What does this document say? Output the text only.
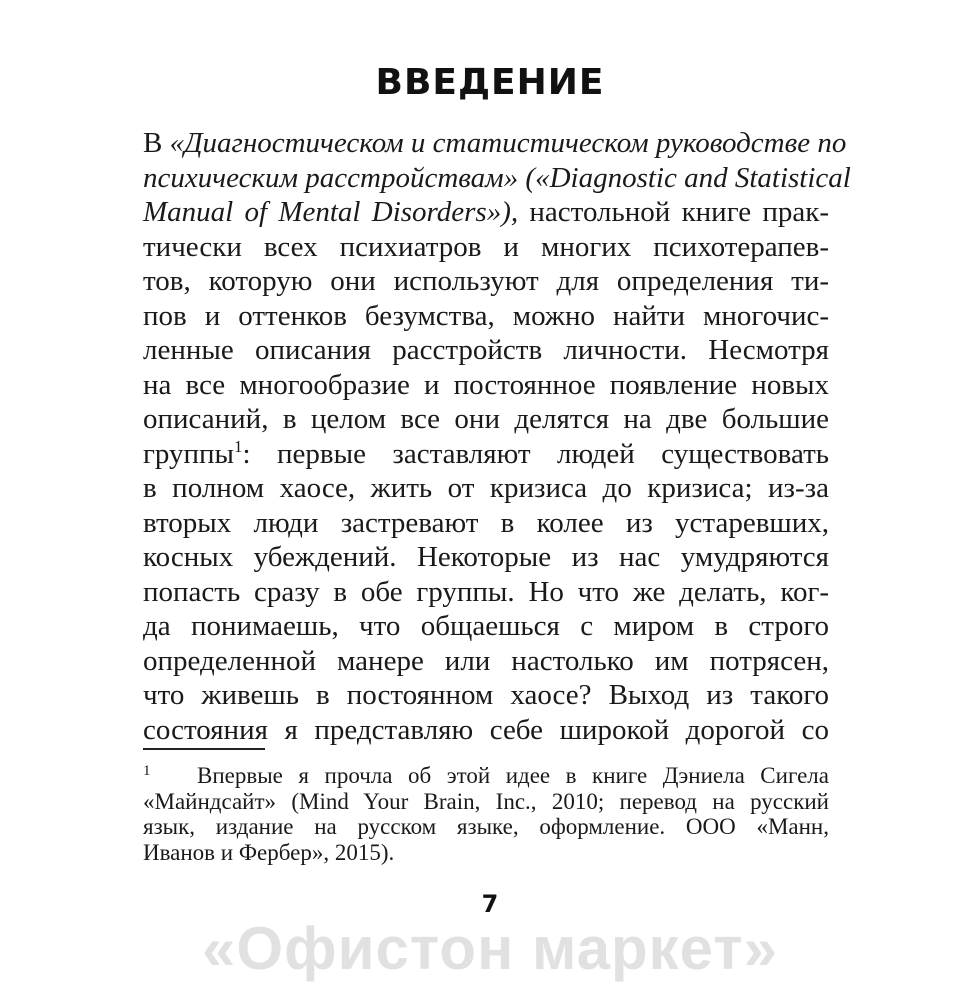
ВВЕДЕНИЕ
В «Диагностическом и статистическом руководстве по
психическим расстройствам» («Diagnostic and Statistical
Manual of Mental Disorders»), настольной книге прак-
тически всех психиатров и многих психотерапев-
тов, которую они используют для определения ти-
пов и оттенков безумства, можно найти многочис-
ленные описания расстройств личности. Несмотря
на все многообразие и постоянное появление новых
описаний, в целом все они делятся на две большие
группы$^1$: первые заставляют людей существовать
в полном хаосе, жить от кризиса до кризиса; из-за
вторых люди застревают в колее из устаревших,
косных убеждений. Некоторые из нас умудряются
попасть сразу в обе группы. Но что же делать, ког-
да понимаешь, что общаешься с миром в строго
определенной манере или настолько им потрясен,
что живешь в постоянном хаосе? Выход из такого
состояния я представляю себе широкой дорогой со
1 Впервые я прочла об этой идее в книге Дэниела Сигела
«Майндсайт» (Mind Your Brain, Inc., 2010; перевод на русский
язык, издание на русском языке, оформление. ООО «Манн,
Иванов и Фербер», 2015).
7
«Офистон маркет»
